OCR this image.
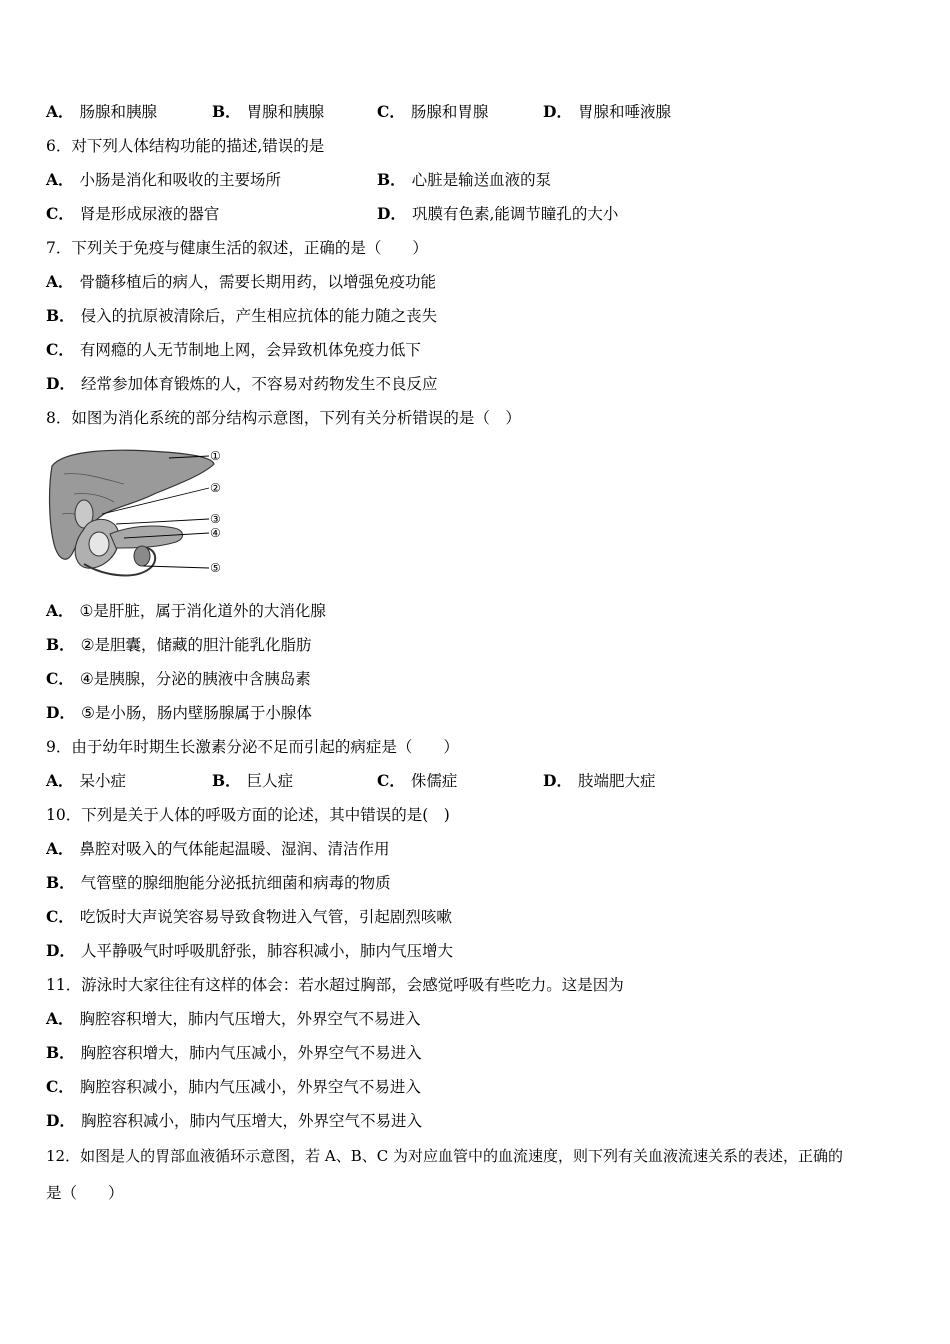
A． 肠腺和胰腺	B． 胃腺和胰腺	C． 肠腺和胃腺	D． 胃腺和唾液腺
6．对下列人体结构功能的描述,错误的是
A． 小肠是消化和吸收的主要场所	B． 心脏是输送血液的泵
C． 肾是形成尿液的器官	D． 巩膜有色素,能调节瞳孔的大小
7．下列关于免疫与健康生活的叙述，正确的是（　　）
A． 骨髓移植后的病人，需要长期用药，以增强免疫功能
B． 侵入的抗原被清除后，产生相应抗体的能力随之丧失
C． 有网瘾的人无节制地上网，会异致机体免疫力低下
D． 经常参加体育锻炼的人，不容易对药物发生不良反应
8．如图为消化系统的部分结构示意图，下列有关分析错误的是（　）
①
②
③
④
⑤
A． ①是肝脏，属于消化道外的大消化腺
B． ②是胆囊，储藏的胆汁能乳化脂肪
C． ④是胰腺，分泌的胰液中含胰岛素
D． ⑤是小肠，肠内壁肠腺属于小腺体
9．由于幼年时期生长激素分泌不足而引起的病症是（　　）
A． 呆小症	B． 巨人症	C． 侏儒症	D． 肢端肥大症
10．下列是关于人体的呼吸方面的论述，其中错误的是(　)
A． 鼻腔对吸入的气体能起温暖、湿润、清洁作用
B． 气管壁的腺细胞能分泌抵抗细菌和病毒的物质
C． 吃饭时大声说笑容易导致食物进入气管，引起剧烈咳嗽
D． 人平静吸气时呼吸肌舒张，肺容积减小，肺内气压增大
11．游泳时大家往往有这样的体会：若水超过胸部，会感觉呼吸有些吃力。这是因为
A． 胸腔容积增大，肺内气压增大，外界空气不易进入
B． 胸腔容积增大，肺内气压减小，外界空气不易进入
C． 胸腔容积减小，肺内气压减小，外界空气不易进入
D． 胸腔容积减小，肺内气压增大，外界空气不易进入
12．如图是人的胃部血液循环示意图，若 A、B、C 为对应血管中的血流速度，则下列有关血液流速关系的表述，正确的
是（　　）
